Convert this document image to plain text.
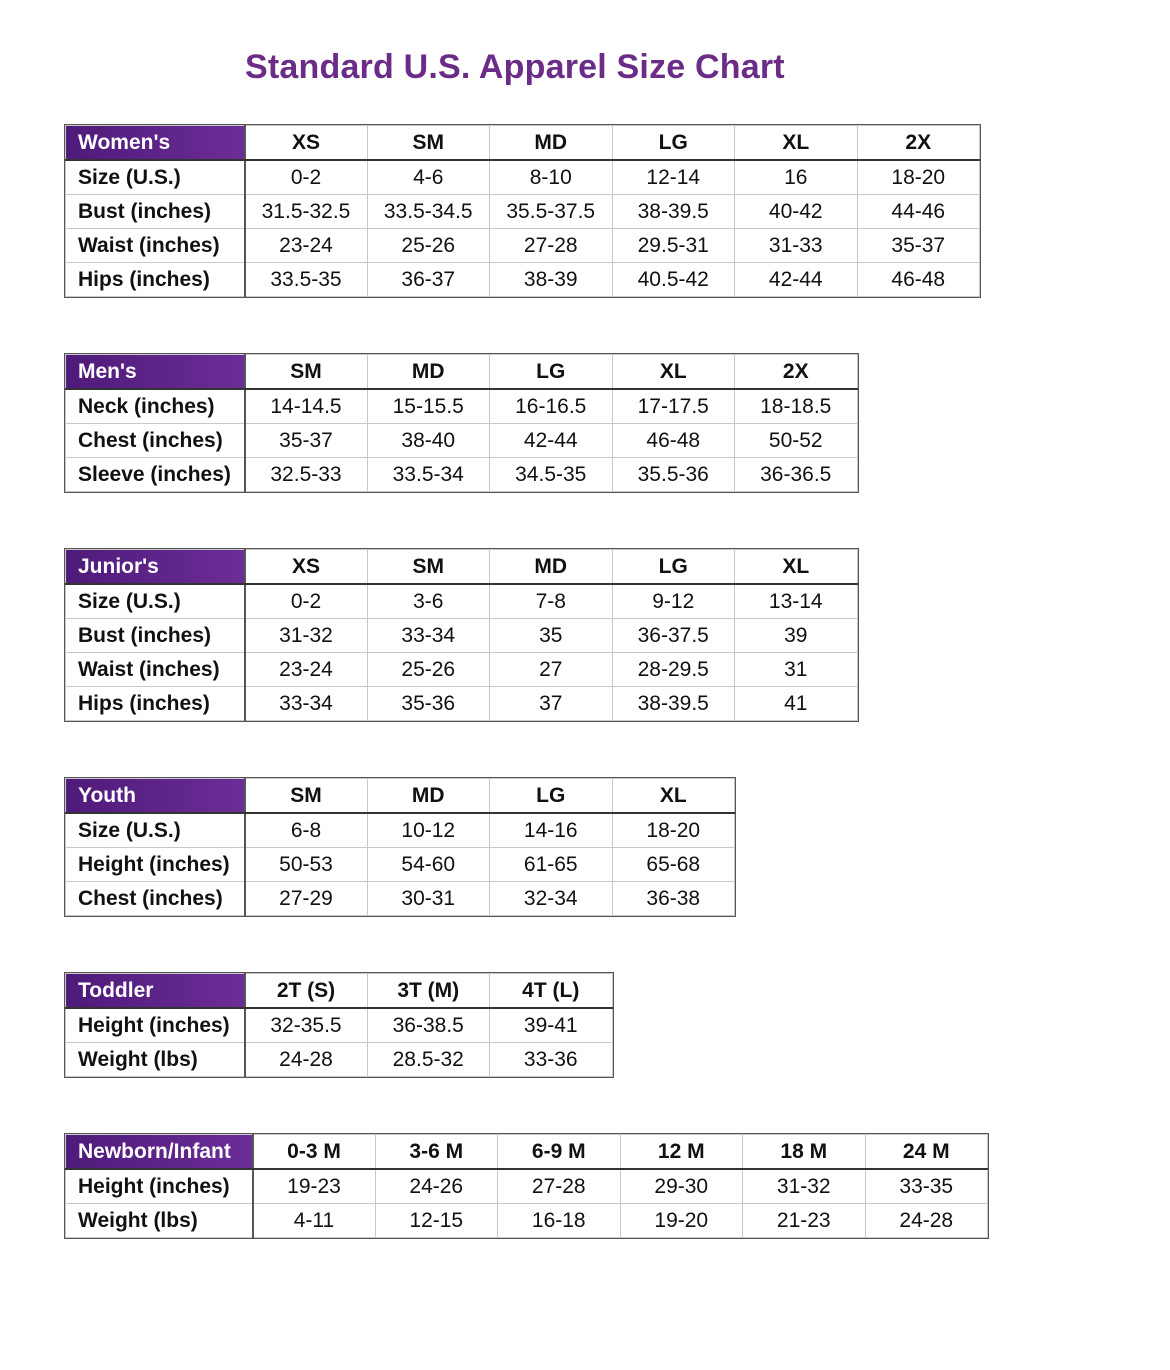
Standard U.S. Apparel Size Chart
Women's	XS	SM	MD	LG	XL	2X
Size (U.S.)	0-2	4-6	8-10	12-14	16	18-20
Bust (inches)	31.5-32.5	33.5-34.5	35.5-37.5	38-39.5	40-42	44-46
Waist (inches)	23-24	25-26	27-28	29.5-31	31-33	35-37
Hips (inches)	33.5-35	36-37	38-39	40.5-42	42-44	46-48
Men's	SM	MD	LG	XL	2X
Neck (inches)	14-14.5	15-15.5	16-16.5	17-17.5	18-18.5
Chest (inches)	35-37	38-40	42-44	46-48	50-52
Sleeve (inches)	32.5-33	33.5-34	34.5-35	35.5-36	36-36.5
Junior's	XS	SM	MD	LG	XL
Size (U.S.)	0-2	3-6	7-8	9-12	13-14
Bust (inches)	31-32	33-34	35	36-37.5	39
Waist (inches)	23-24	25-26	27	28-29.5	31
Hips (inches)	33-34	35-36	37	38-39.5	41
Youth	SM	MD	LG	XL
Size (U.S.)	6-8	10-12	14-16	18-20
Height (inches)	50-53	54-60	61-65	65-68
Chest (inches)	27-29	30-31	32-34	36-38
Toddler	2T (S)	3T (M)	4T (L)
Height (inches)	32-35.5	36-38.5	39-41
Weight (lbs)	24-28	28.5-32	33-36
Newborn/Infant	0-3 M	3-6 M	6-9 M	12 M	18 M	24 M
Height (inches)	19-23	24-26	27-28	29-30	31-32	33-35
Weight (lbs)	4-11	12-15	16-18	19-20	21-23	24-28
